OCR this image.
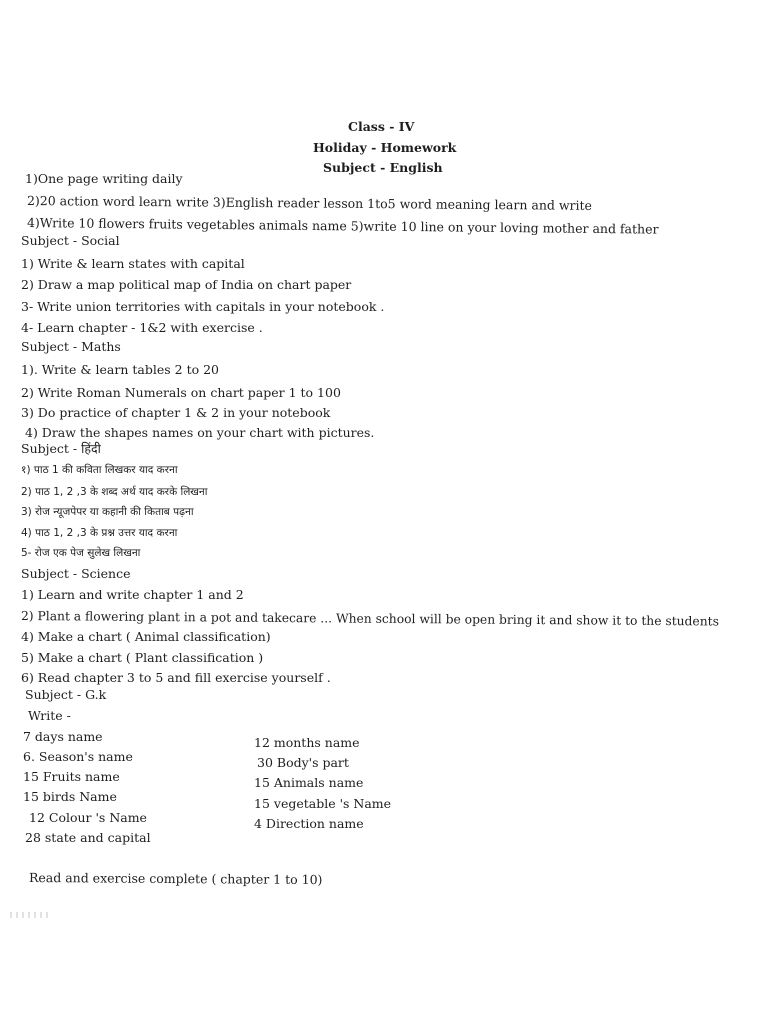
Class - IV
Holiday - Homework
Subject - English
1)One page writing daily
2)20 action word learn write 3)English reader lesson 1to5 word meaning learn and write
4)Write 10 flowers fruits vegetables animals name 5)write 10 line on your loving mother and father
Subject - Social
1) Write & learn states with capital
2) Draw a map political map of India on chart paper
3- Write union territories with capitals in your notebook .
4- Learn chapter - 1&2 with exercise .
Subject - Maths
1). Write & learn tables 2 to 20
2) Write Roman Numerals on chart paper 1 to 100
3) Do practice of chapter 1 & 2 in your notebook
4) Draw the shapes names on your chart with pictures.
Subject - हिंदी
१) पाठ 1 की कविता लिखकर याद करना
2) पाठ 1, 2 ,3 के शब्द अर्थ याद करके लिखना
3) रोज न्यूजपेपर या कहानी की किताब पढ़ना
4) पाठ 1, 2 ,3 के प्रश्न उत्तर याद करना
5- रोज एक पेज सुलेख लिखना
Subject - Science
1) Learn and write chapter 1 and 2
2) Plant a flowering plant in a pot and takecare ... When school will be open bring it and show it to the students
4) Make a chart ( Animal classification)
5) Make a chart ( Plant classification )
6) Read chapter 3 to 5 and fill exercise yourself .
Subject - G.k
Write -
7 days name
6. Season's name
15 Fruits name
15 birds Name
12 Colour 's Name
28 state and capital
12 months name
30 Body's part
15 Animals name
15 vegetable 's Name
4 Direction name
Read and exercise complete ( chapter 1 to 10)
